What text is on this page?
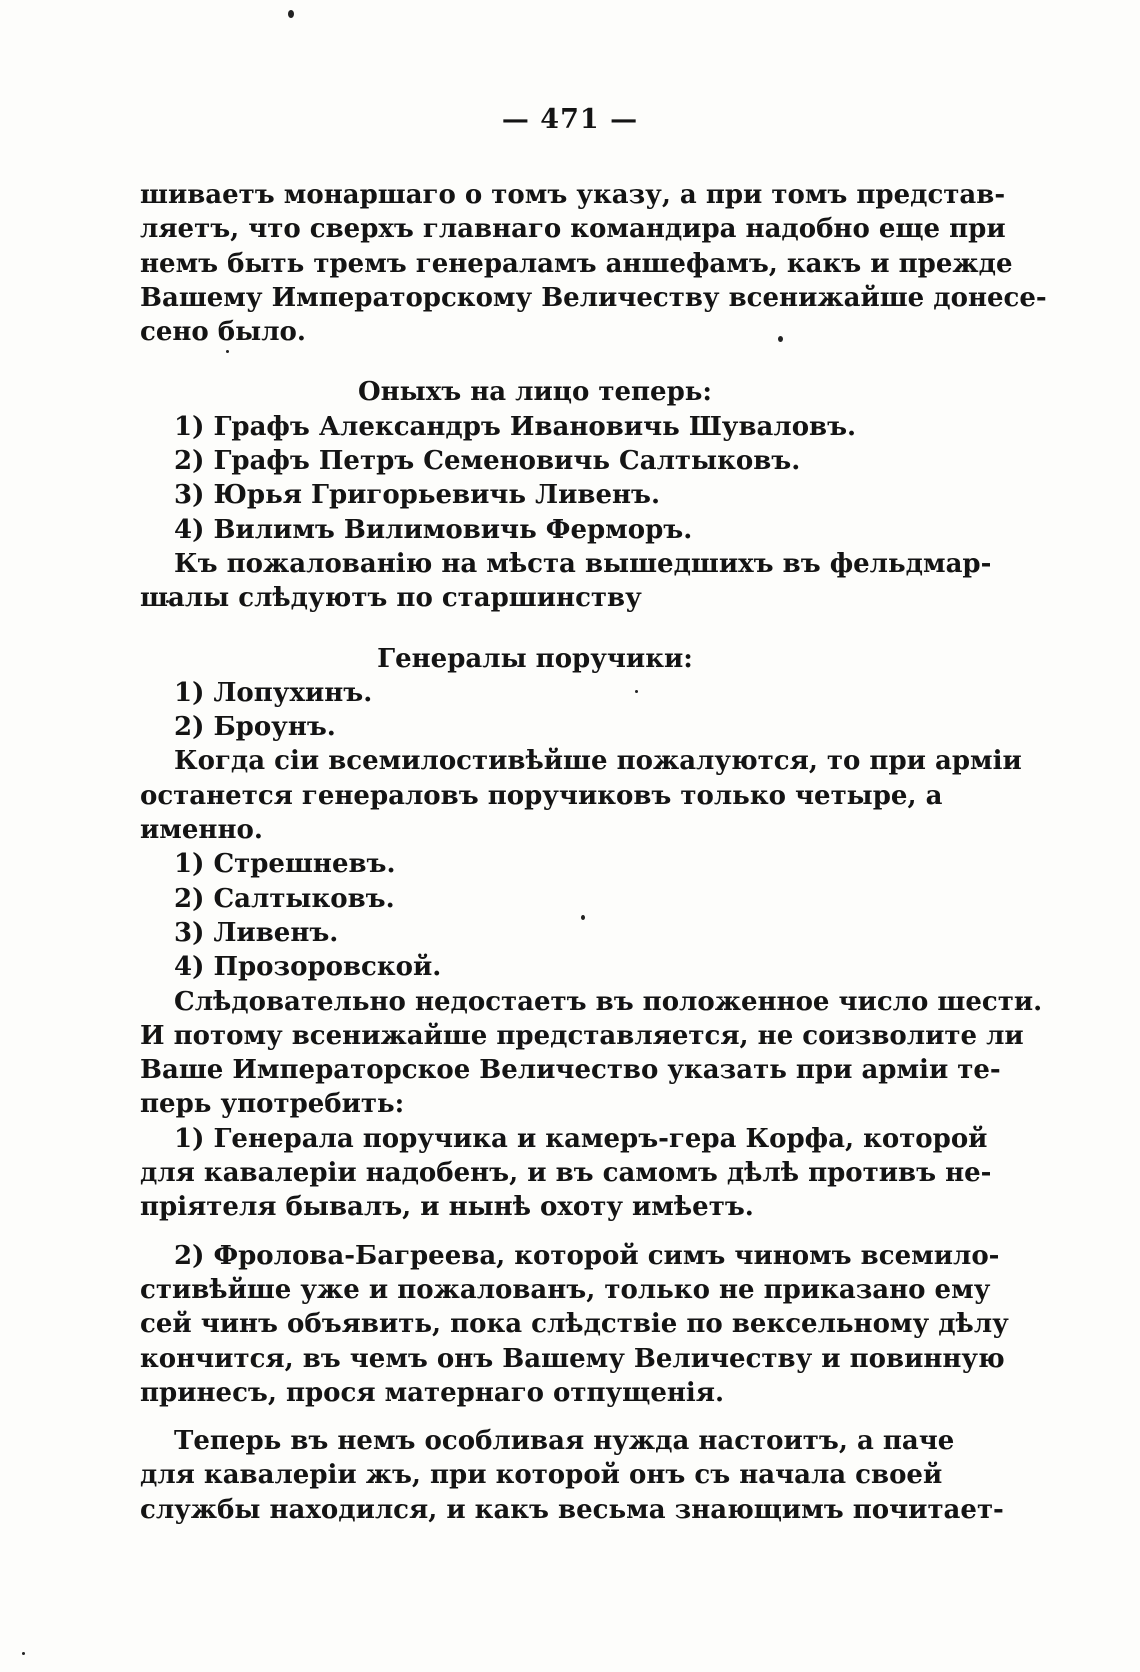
— 471 —
шиваетъ монаршаго о томъ указу, а при томъ представ-
ляетъ, что сверхъ главнаго командира надобно еще при
немъ быть тремъ генераламъ аншефамъ, какъ и прежде
Вашему Императорскому Величеству всенижайше донесе-
сено было.
Оныхъ на лицо теперь:
1) Графъ Александръ Ивановичь Шуваловъ.
2) Графъ Петръ Семеновичь Салтыковъ.
3) Юрья Григорьевичь Ливенъ.
4) Вилимъ Вилимовичь Ферморъ.
Къ пожалованію на мѣста вышедшихъ въ фельдмар-
шалы слѣдуютъ по старшинству
Генералы поручики:
1) Лопухинъ.
2) Броунъ.
Когда сіи всемилостивѣйше пожалуются, то при арміи
останется генераловъ поручиковъ только четыре, а
именно.
1) Стрешневъ.
2) Салтыковъ.
3) Ливенъ.
4) Прозоровской.
Слѣдовательно недостаетъ въ положенное число шести.
И потому всенижайше представляется, не соизволите ли
Ваше Императорское Величество указать при арміи те-
перь употребить:
1) Генерала поручика и камеръ-гера Корфа, которой
для кавалеріи надобенъ, и въ самомъ дѣлѣ противъ не-
пріятеля бывалъ, и нынѣ охоту имѣетъ.
2) Фролова-Багреева, которой симъ чиномъ всемило-
стивѣйше уже и пожалованъ, только не приказано ему
сей чинъ объявить, пока слѣдствіе по вексельному дѣлу
кончится, въ чемъ онъ Вашему Величеству и повинную
принесъ, прося матернаго отпущенія.
Теперь въ немъ особливая нужда настоитъ, а паче
для кавалеріи жъ, при которой онъ съ начала своей
службы находился, и какъ весьма знающимъ почитает-
